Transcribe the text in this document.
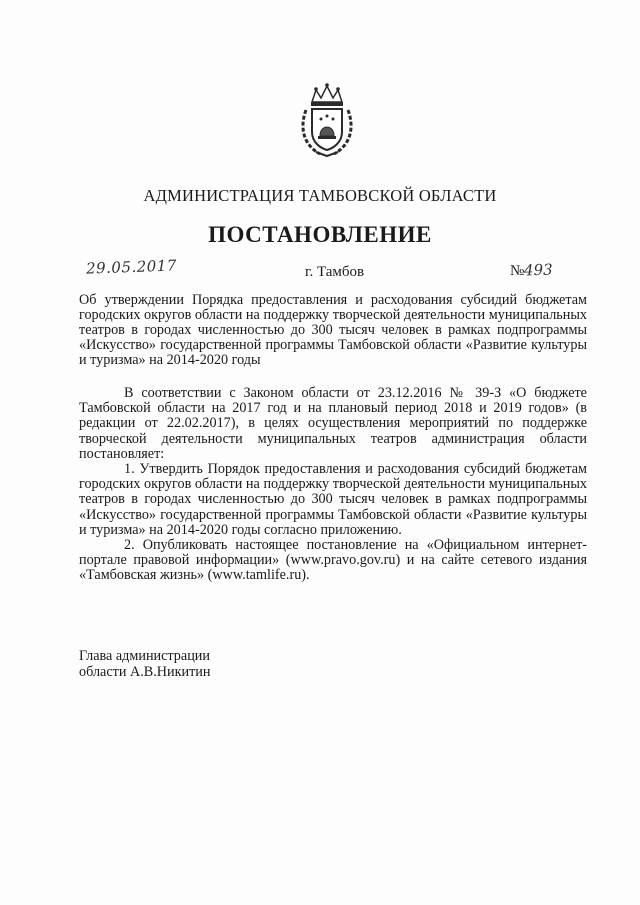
АДМИНИСТРАЦИЯ ТАМБОВСКОЙ ОБЛАСТИ
ПОСТАНОВЛЕНИЕ
29.05.2017	г. Тамбов	№493
Об утверждении Порядка предоставления и расходования субсидий бюджетам городских округов области на поддержку творческой деятельности муниципальных театров в городах численностью до 300 тысяч человек в рамках подпрограммы «Искусство» государственной программы Тамбовской области «Развитие культуры и туризма» на 2014-2020 годы

В соответствии с Законом области от 23.12.2016 № 39-З «О бюджете Тамбовской области на 2017 год и на плановый период 2018 и 2019 годов» (в редакции от 22.02.2017), в целях осуществления мероприятий по поддержке творческой деятельности муниципальных театров администрация области постановляет:

1. Утвердить Порядок предоставления и расходования субсидий бюджетам городских округов области на поддержку творческой деятельности муниципальных театров в городах численностью до 300 тысяч человек в рамках подпрограммы «Искусство» государственной программы Тамбовской области «Развитие культуры и туризма» на 2014-2020 годы согласно приложению.

2. Опубликовать настоящее постановление на «Официальном интернет-портале правовой информации» (www.pravo.gov.ru) и на сайте сетевого издания «Тамбовская жизнь» (www.tamlife.ru).

Глава администрации
области А.В.Никитин
